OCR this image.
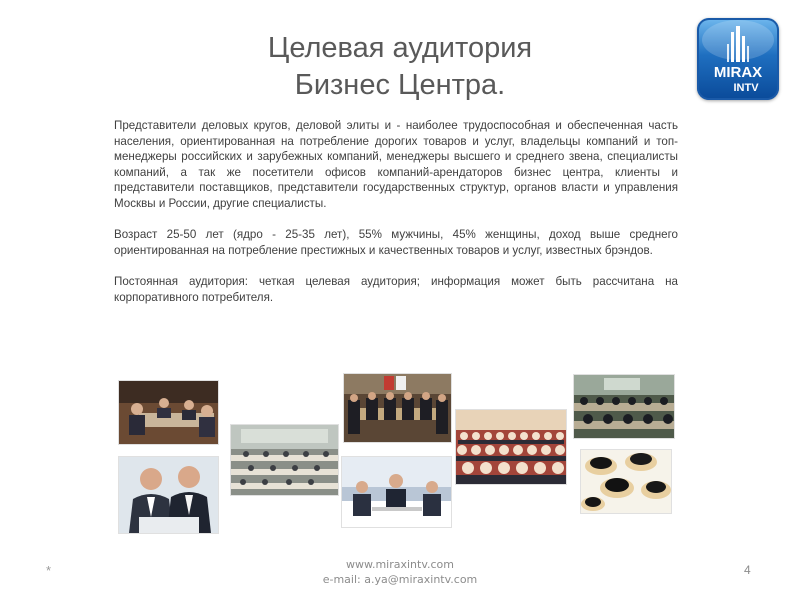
Целевая аудитория
Бизнес Центра.	MIRAX
INTV

Представители деловых кругов, деловой элиты и - наиболее трудоспособная и обеспеченная часть населения, ориентированная на потребление дорогих товаров и услуг, владельцы компаний и топ-менеджеры российских и зарубежных компаний, менеджеры высшего и среднего звена, специалисты компаний, а так же посетители офисов компаний-арендаторов бизнес центра, клиенты и представители поставщиков, представители государственных структур, органов власти и управления Москвы и России, другие специалисты.

Возраст 25-50 лет (ядро - 25-35 лет), 55% мужчины, 45% женщины, доход выше среднего ориентированная на потребление престижных и качественных товаров и услуг, известных брэндов.

Постоянная аудитория: четкая целевая аудитория; информация может быть рассчитана на корпоративного потребителя.

*	www.miraxintv.com
e-mail: a.ya@miraxintv.com
4
